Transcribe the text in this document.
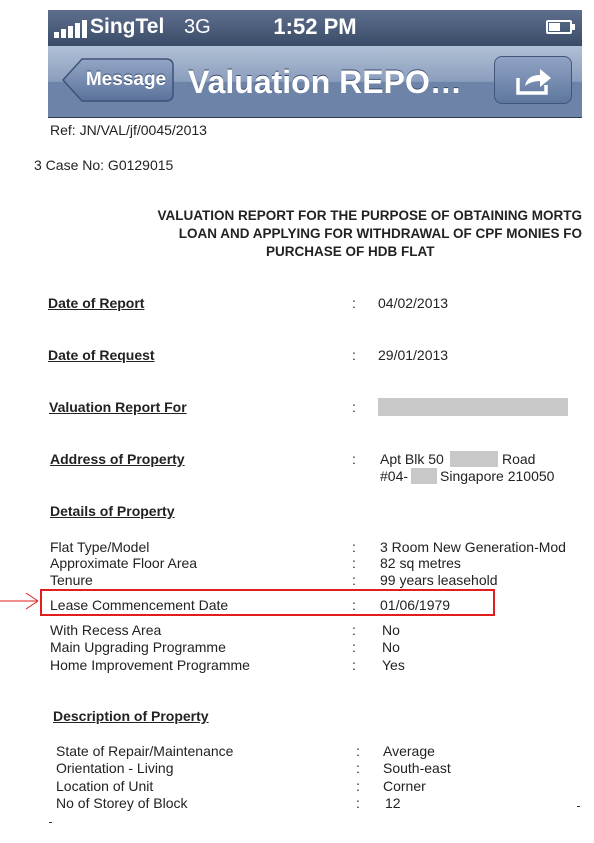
SingTel 3G	1:52 PM
Message Valuation REPO…
Ref: JN/VAL/jf/0045/2013
3 Case No: G0129015
VALUATION REPORT FOR THE PURPOSE OF OBTAINING MORTG
LOAN AND APPLYING FOR WITHDRAWAL OF CPF MONIES FO
PURCHASE OF HDB FLAT
Date of Report	: 04/02/2013
Date of Request	: 29/01/2013
Valuation Report For	:
Address of Property	: Apt Blk 50	Road
#04- Singapore 210050
Details of Property
Flat Type/Model	: 3 Room New Generation-Mod
Approximate Floor Area	: 82 sq metres
Tenure	: 99 years leasehold
Lease Commencement Date	: 01/06/1979
With Recess Area	: No
Main Upgrading Programme	: No
Home Improvement Programme	: Yes
Description of Property
State of Repair/Maintenance	: Average
Orientation - Living	: South-east
Location of Unit	: Corner
No of Storey of Block	: 12
